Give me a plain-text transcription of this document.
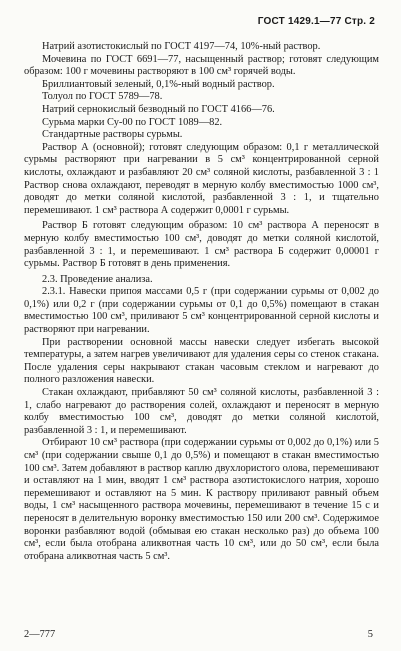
ГОСТ 1429.1—77 Стр. 2

Натрий азотистокислый по ГОСТ 4197—74, 10%-ный раствор.

Мочевина по ГОСТ 6691—77, насыщенный раствор; готовят следующим образом: 100 г мочевины растворяют в 100 см³ горячей воды.

Бриллиантовый зеленый, 0,1%-ный водный раствор.

Толуол по ГОСТ 5789—78.

Натрий сернокислый безводный по ГОСТ 4166—76.

Сурьма марки Су-00 по ГОСТ 1089—82.

Стандартные растворы сурьмы.

Раствор А (основной); готовят следующим образом: 0,1 г металлической сурьмы растворяют при нагревании в 5 см³ концентрированной серной кислоты, охлаждают и разбавляют 20 см³ соляной кислоты, разбавленной 3 : 1 Раствор снова охлаждают, переводят в мерную колбу вместимостью 1000 см³, доводят до метки соляной кислотой, разбавленной 3 : 1, и тщательно перемешивают. 1 см³ раствора А содержит 0,0001 г сурьмы.

Раствор Б готовят следующим образом: 10 см³ раствора А переносят в мерную колбу вместимостью 100 см³, доводят до метки соляной кислотой, разбавленной 3 : 1, и перемешивают. 1 см³ раствора Б содержит 0,00001 г сурьмы. Раствор Б готовят в день применения.

2.3. Проведение анализа.

2.3.1. Навески припоя массами 0,5 г (при содержании сурьмы от 0,002 до 0,1%) или 0,2 г (при содержании сурьмы от 0,1 до 0,5%) помещают в стакан вместимостью 100 см³, приливают 5 см³ концентрированной серной кислоты и растворяют при нагревании.

При растворении основной массы навески следует избегать высокой температуры, а затем нагрев увеличивают для удаления серы со стенок стакана. После удаления серы накрывают стакан часовым стеклом и нагревают до полного разложения навески.

Стакан охлаждают, прибавляют 50 см³ соляной кислоты, разбавленной 3 : 1, слабо нагревают до растворения солей, охлаждают и переносят в мерную колбу вместимостью 100 см³, доводят до метки соляной кислотой, разбавленной 3 : 1, и перемешивают.

Отбирают 10 см³ раствора (при содержании сурьмы от 0,002 до 0,1%) или 5 см³ (при содержании свыше 0,1 до 0,5%) и помещают в стакан вместимостью 100 см³. Затем добавляют в раствор каплю двухлористого олова, перемешивают и оставляют на 1 мин, вводят 1 см³ раствора азотистокислого натрия, хорошо перемешивают и оставляют на 5 мин. К раствору приливают равный объем воды, 1 см³ насыщенного раствора мочевины, перемешивают в течение 15 с и переносят в делительную воронку вместимостью 150 или 200 см³. Содержимое воронки разбавляют водой (обмывая ею стакан несколько раз) до объема 100 см³, если была отобрана аликвотная часть 10 см³, или до 50 см³, если была отобрана аликвотная часть 5 см³.

2—777	5
